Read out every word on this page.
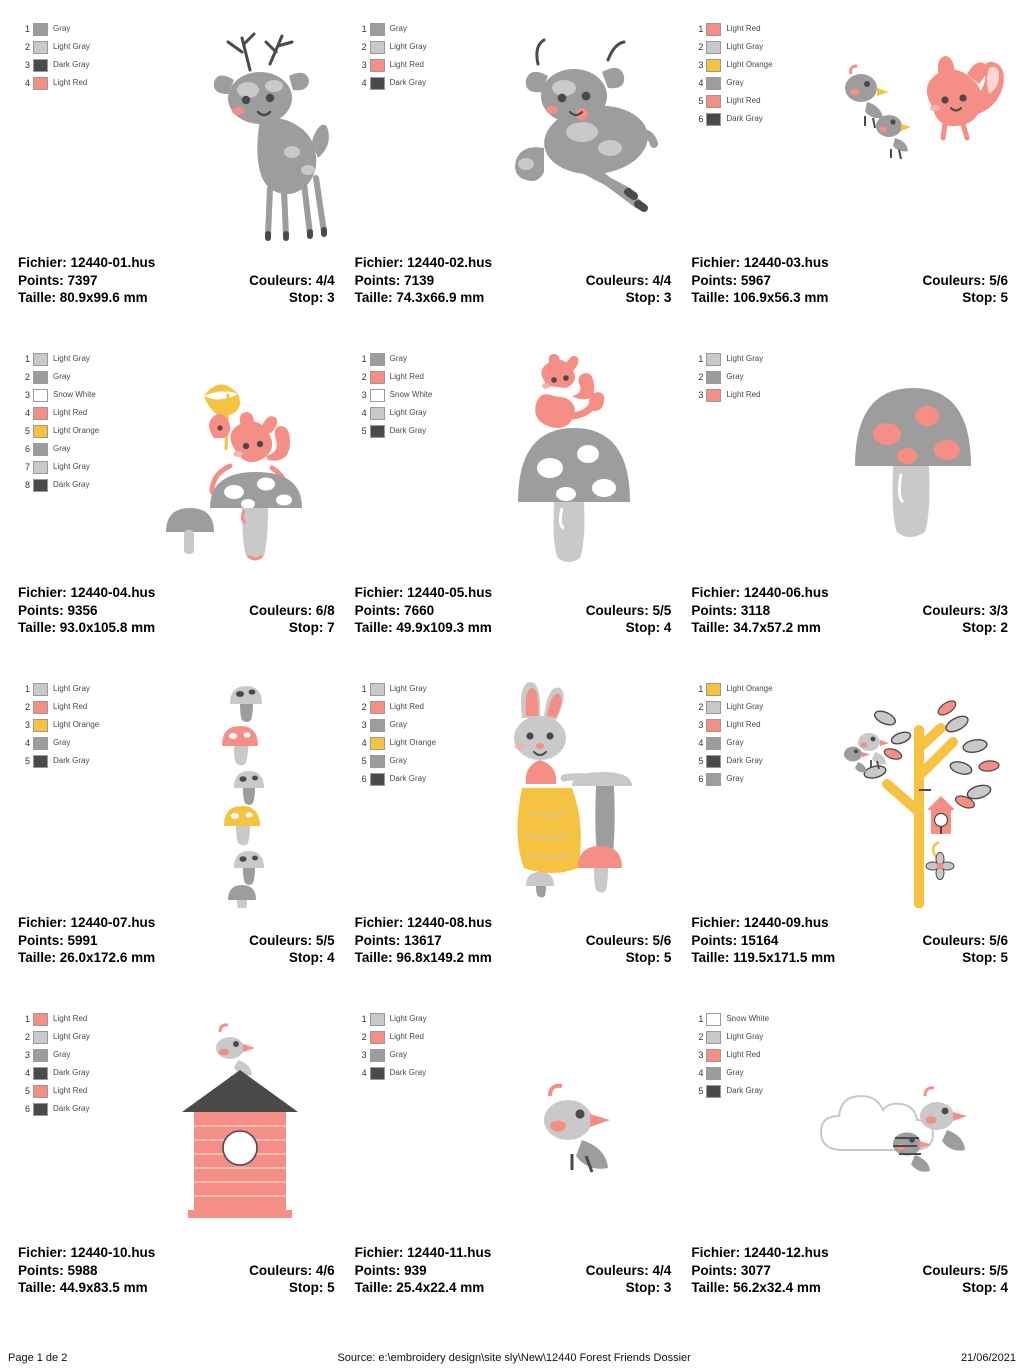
1	Gray
2	Light Gray
3	Dark Gray
4	Light Red
Fichier: 12440-01.hus
Points: 7397	Couleurs: 4/4
Taille: 80.9x99.6 mm	Stop: 3
1	Gray
2	Light Gray
3	Light Red
4	Dark Gray
Fichier: 12440-02.hus
Points: 7139	Couleurs: 4/4
Taille: 74.3x66.9 mm	Stop: 3
1	Light Red
2	Light Gray
3	Light Orange
4	Gray
5	Light Red
6	Dark Gray
Fichier: 12440-03.hus
Points: 5967	Couleurs: 5/6
Taille: 106.9x56.3 mm	Stop: 5
1	Light Gray
2	Gray
3	Snow White
4	Light Red
5	Light Orange
6	Gray
7	Light Gray
8	Dark Gray
Fichier: 12440-04.hus
Points: 9356	Couleurs: 6/8
Taille: 93.0x105.8 mm	Stop: 7
1	Gray
2	Light Red
3	Snow White
4	Light Gray
5	Dark Gray
Fichier: 12440-05.hus
Points: 7660	Couleurs: 5/5
Taille: 49.9x109.3 mm	Stop: 4
1	Light Gray
2	Gray
3	Light Red
Fichier: 12440-06.hus
Points: 3118	Couleurs: 3/3
Taille: 34.7x57.2 mm	Stop: 2
1	Light Gray
2	Light Red
3	Light Orange
4	Gray
5	Dark Gray
Fichier: 12440-07.hus
Points: 5991	Couleurs: 5/5
Taille: 26.0x172.6 mm	Stop: 4
1	Light Gray
2	Light Red
3	Gray
4	Light Orange
5	Gray
6	Dark Gray
Fichier: 12440-08.hus
Points: 13617	Couleurs: 5/6
Taille: 96.8x149.2 mm	Stop: 5
1	Light Orange
2	Light Gray
3	Light Red
4	Gray
5	Dark Gray
6	Gray
Fichier: 12440-09.hus
Points: 15164	Couleurs: 5/6
Taille: 119.5x171.5 mm	Stop: 5
1	Light Red
2	Light Gray
3	Gray
4	Dark Gray
5	Light Red
6	Dark Gray
Fichier: 12440-10.hus
Points: 5988	Couleurs: 4/6
Taille: 44.9x83.5 mm	Stop: 5
1	Light Gray
2	Light Red
3	Gray
4	Dark Gray
Fichier: 12440-11.hus
Points: 939	Couleurs: 4/4
Taille: 25.4x22.4 mm	Stop: 3
1	Snow White
2	Light Gray
3	Light Red
4	Gray
5	Dark Gray
Fichier: 12440-12.hus
Points: 3077	Couleurs: 5/5
Taille: 56.2x32.4 mm	Stop: 4
Page 1 de 2	Source: e:\embroidery design\site sly\New\12440 Forest Friends Dossier	21/06/2021
